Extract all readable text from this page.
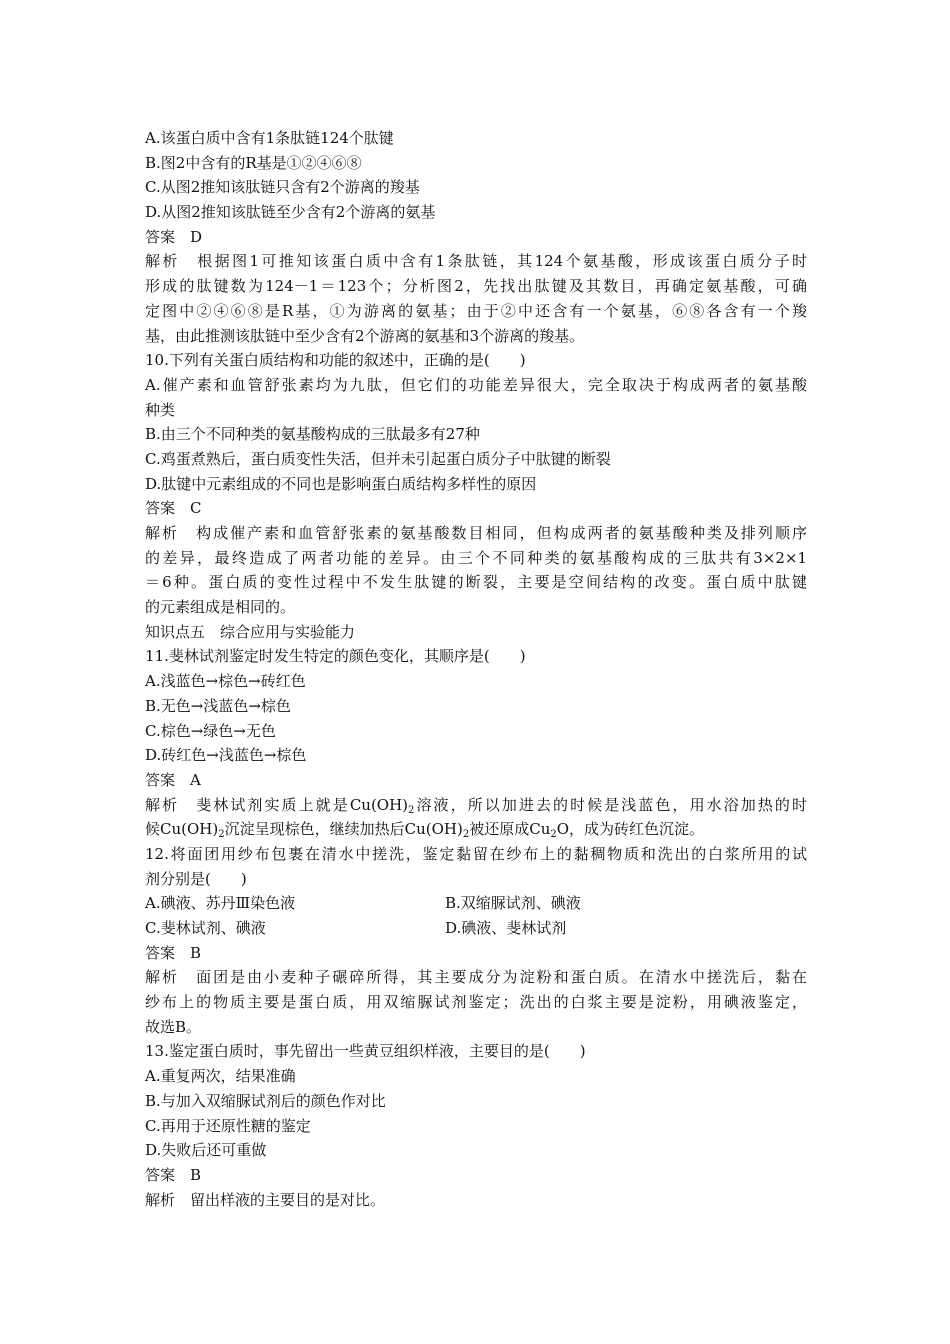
A.该蛋白质中含有1条肽链124个肽键
B.图2中含有的R基是①②④⑥⑧
C.从图2推知该肽链只含有2个游离的羧基
D.从图2推知该肽链至少含有2个游离的氨基
答案　D
解析　根据图1可推知该蛋白质中含有1条肽链，其124个氨基酸，形成该蛋白质分子时
形成的肽键数为124－1＝123个；分析图2，先找出肽键及其数目，再确定氨基酸，可确
定图中②④⑥⑧是R基，①为游离的氨基；由于②中还含有一个氨基，⑥⑧各含有一个羧
基，由此推测该肽链中至少含有2个游离的氨基和3个游离的羧基。
10.下列有关蛋白质结构和功能的叙述中，正确的是(　　)
A.催产素和血管舒张素均为九肽，但它们的功能差异很大，完全取决于构成两者的氨基酸
种类
B.由三个不同种类的氨基酸构成的三肽最多有27种
C.鸡蛋煮熟后，蛋白质变性失活，但并未引起蛋白质分子中肽键的断裂
D.肽键中元素组成的不同也是影响蛋白质结构多样性的原因
答案　C
解析　构成催产素和血管舒张素的氨基酸数目相同，但构成两者的氨基酸种类及排列顺序
的差异，最终造成了两者功能的差异。由三个不同种类的氨基酸构成的三肽共有3×2×1
＝6种。蛋白质的变性过程中不发生肽键的断裂，主要是空间结构的改变。蛋白质中肽键
的元素组成是相同的。
知识点五　综合应用与实验能力
11.斐林试剂鉴定时发生特定的颜色变化，其顺序是(　　)
A.浅蓝色→棕色→砖红色
B.无色→浅蓝色→棕色
C.棕色→绿色→无色
D.砖红色→浅蓝色→棕色
答案　A
解析　斐林试剂实质上就是$Cu(OH)_2$溶液，所以加进去的时候是浅蓝色，用水浴加热的时
候$Cu(OH)_2$沉淀呈现棕色，继续加热后$Cu(OH)_2$被还原成$Cu_2O$，成为砖红色沉淀。
12.将面团用纱布包裹在清水中搓洗，鉴定黏留在纱布上的黏稠物质和洗出的白浆所用的试
剂分别是(　　)
A.碘液、苏丹Ⅲ染色液	B.双缩脲试剂、碘液
C.斐林试剂、碘液	D.碘液、斐林试剂
答案　B
解析　面团是由小麦种子碾碎所得，其主要成分为淀粉和蛋白质。在清水中搓洗后，黏在
纱布上的物质主要是蛋白质，用双缩脲试剂鉴定；洗出的白浆主要是淀粉，用碘液鉴定，
故选B。
13.鉴定蛋白质时，事先留出一些黄豆组织样液，主要目的是(　　)
A.重复两次，结果准确
B.与加入双缩脲试剂后的颜色作对比
C.再用于还原性糖的鉴定
D.失败后还可重做
答案　B
解析　留出样液的主要目的是对比。
